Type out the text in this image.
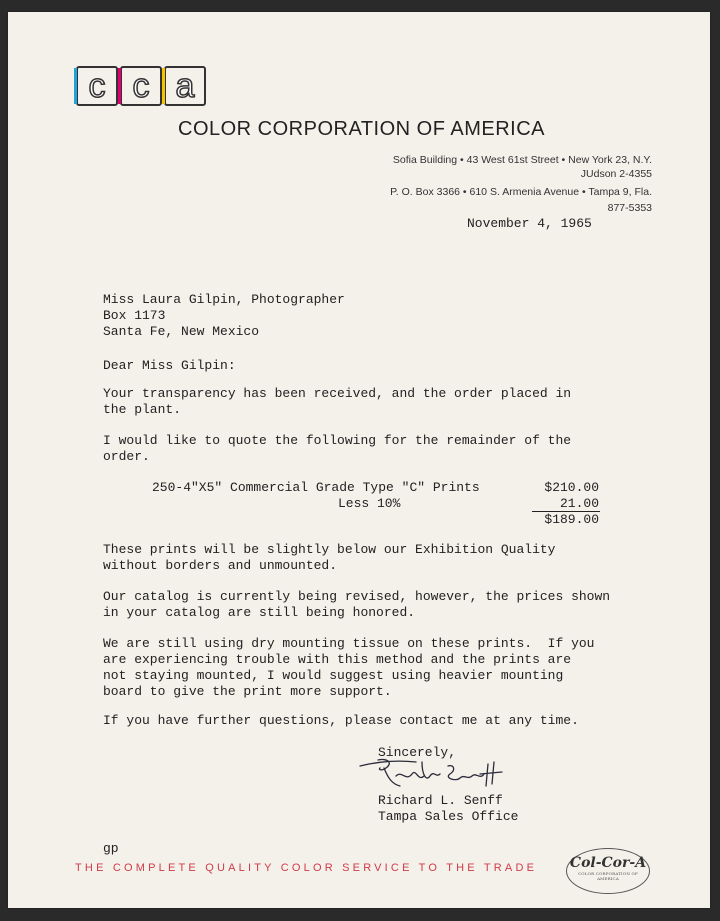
c c a
COLOR CORPORATION OF AMERICA
Sofia Building • 43 West 61st Street • New York 23, N.Y.
JUdson 2-4355
P. O. Box 3366 • 610 S. Armenia Avenue • Tampa 9, Fla.
877-5353
November 4, 1965
Miss Laura Gilpin, Photographer
Box 1173
Santa Fe, New Mexico
Dear Miss Gilpin:
Your transparency has been received, and the order placed in
the plant.
I would like to quote the following for the remainder of the
order.
250-4"X5" Commercial Grade Type "C" Prints
Less 10%
$210.00
21.00
$189.00
These prints will be slightly below our Exhibition Quality
without borders and unmounted.
Our catalog is currently being revised, however, the prices shown
in your catalog are still being honored.
We are still using dry mounting tissue on these prints.  If you
are experiencing trouble with this method and the prints are
not staying mounted, I would suggest using heavier mounting
board to give the print more support.
If you have further questions, please contact me at any time.
Sincerely,
Richard L. Senff
Tampa Sales Office
gp
THE COMPLETE QUALITY COLOR SERVICE TO THE TRADE Col-Cor-A
COLOR CORPORATION OF AMERICA
